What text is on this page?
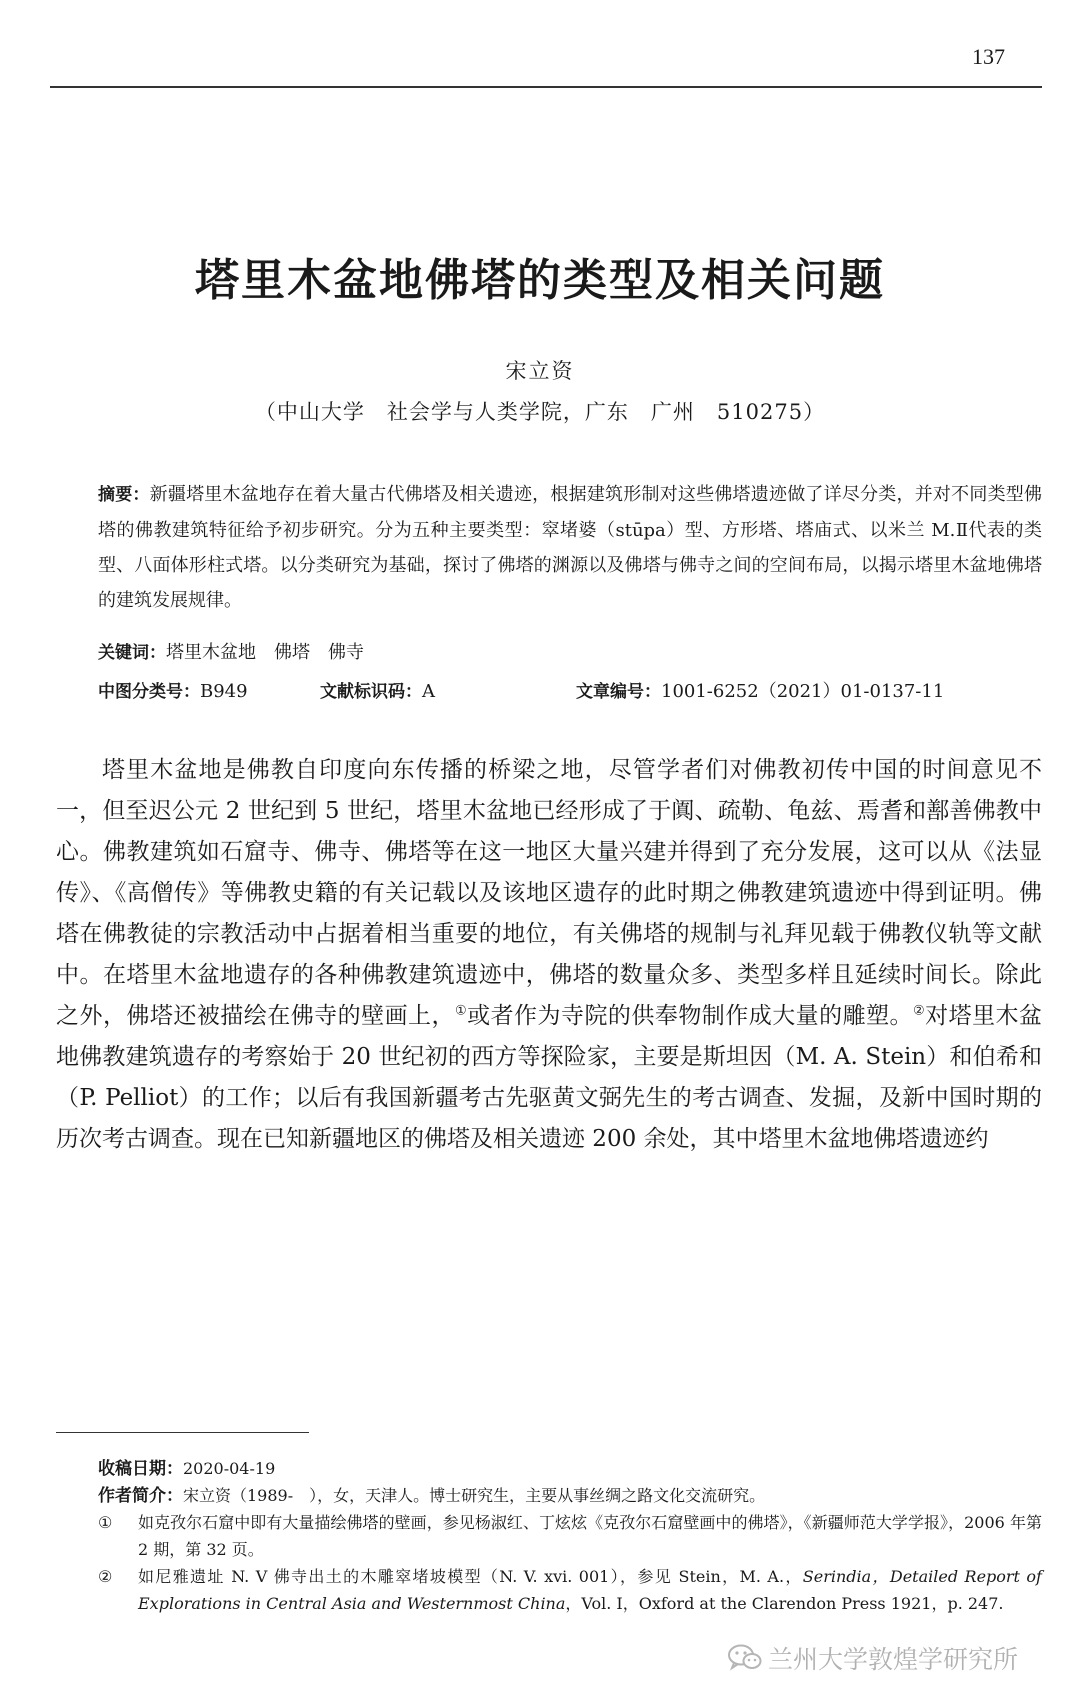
137
塔里木盆地佛塔的类型及相关问题
宋立资
（中山大学　社会学与人类学院，广东　广州　510275）

摘要：新疆塔里木盆地存在着大量古代佛塔及相关遗迹，根据建筑形制对这些佛塔遗迹做了详尽分类，并对不同类型佛塔的佛教建筑特征给予初步研究。分为五种主要类型：窣堵婆（stūpa）型、方形塔、塔庙式、以米兰 M.Ⅱ代表的类型、八面体形柱式塔。以分类研究为基础，探讨了佛塔的渊源以及佛塔与佛寺之间的空间布局，以揭示塔里木盆地佛塔的建筑发展规律。

关键词：塔里木盆地　佛塔　佛寺
中图分类号：B949	文献标识码：A	文章编号：1001-6252（2021）01-0137-11

塔里木盆地是佛教自印度向东传播的桥梁之地，尽管学者们对佛教初传中国的时间意见不一，但至迟公元 2 世纪到 5 世纪，塔里木盆地已经形成了于阗、疏勒、龟兹、焉耆和鄯善佛教中心。佛教建筑如石窟寺、佛寺、佛塔等在这一地区大量兴建并得到了充分发展，这可以从《法显传》、《高僧传》等佛教史籍的有关记载以及该地区遗存的此时期之佛教建筑遗迹中得到证明。佛塔在佛教徒的宗教活动中占据着相当重要的地位，有关佛塔的规制与礼拜见载于佛教仪轨等文献中。在塔里木盆地遗存的各种佛教建筑遗迹中，佛塔的数量众多、类型多样且延续时间长。除此之外，佛塔还被描绘在佛寺的壁画上，①或者作为寺院的供奉物制作成大量的雕塑。②对塔里木盆地佛教建筑遗存的考察始于 20 世纪初的西方等探险家，主要是斯坦因（M. A. Stein）和伯希和（P. Pelliot）的工作；以后有我国新疆考古先驱黄文弼先生的考古调查、发掘，及新中国时期的历次考古调查。现在已知新疆地区的佛塔及相关遗迹 200 余处，其中塔里木盆地佛塔遗迹约

收稿日期：2020-04-19

作者简介：宋立资（1989-　），女，天津人。博士研究生，主要从事丝绸之路文化交流研究。

① 如克孜尔石窟中即有大量描绘佛塔的壁画，参见杨淑红、丁炫炫《克孜尔石窟壁画中的佛塔》，《新疆师范大学学报》，2006 年第 2 期，第 32 页。
② 如尼雅遗址 N. V 佛寺出土的木雕窣堵坡模型（N. V. xvi. 001），参见 Stein，M. A.，Serindia，Detailed Report of Explorations in Central Asia and Westernmost China，Vol. I，Oxford at the Clarendon Press 1921，p. 247.
兰州大学敦煌学研究所
